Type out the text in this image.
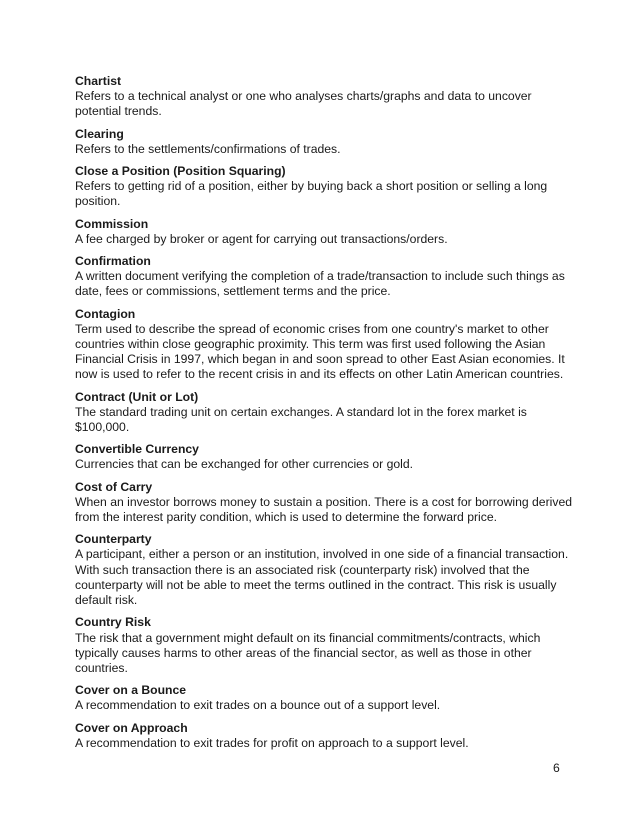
Chartist
Refers to a technical analyst or one who analyses charts/graphs and data to uncover potential trends.
Clearing
Refers to the settlements/confirmations of trades.
Close a Position (Position Squaring)
Refers to getting rid of a position, either by buying back a short position or selling a long position.
Commission
A fee charged by broker or agent for carrying out transactions/orders.
Confirmation
A written document verifying the completion of a trade/transaction to include such things as date, fees or commissions, settlement terms and the price.
Contagion
Term used to describe the spread of economic crises from one country's market to other countries within close geographic proximity. This term was first used following the Asian Financial Crisis in 1997, which began in and soon spread to other East Asian economies. It now is used to refer to the recent crisis in and its effects on other Latin American countries.
Contract (Unit or Lot)
The standard trading unit on certain exchanges. A standard lot in the forex market is $100,000.
Convertible Currency
Currencies that can be exchanged for other currencies or gold.
Cost of Carry
When an investor borrows money to sustain a position. There is a cost for borrowing derived from the interest parity condition, which is used to determine the forward price.
Counterparty
A participant, either a person or an institution, involved in one side of a financial transaction. With such transaction there is an associated risk (counterparty risk) involved that the counterparty will not be able to meet the terms outlined in the contract. This risk is usually default risk.
Country Risk
The risk that a government might default on its financial commitments/contracts, which typically causes harms to other areas of the financial sector, as well as those in other countries.
Cover on a Bounce
A recommendation to exit trades on a bounce out of a support level.
Cover on Approach
A recommendation to exit trades for profit on approach to a support level.
6
